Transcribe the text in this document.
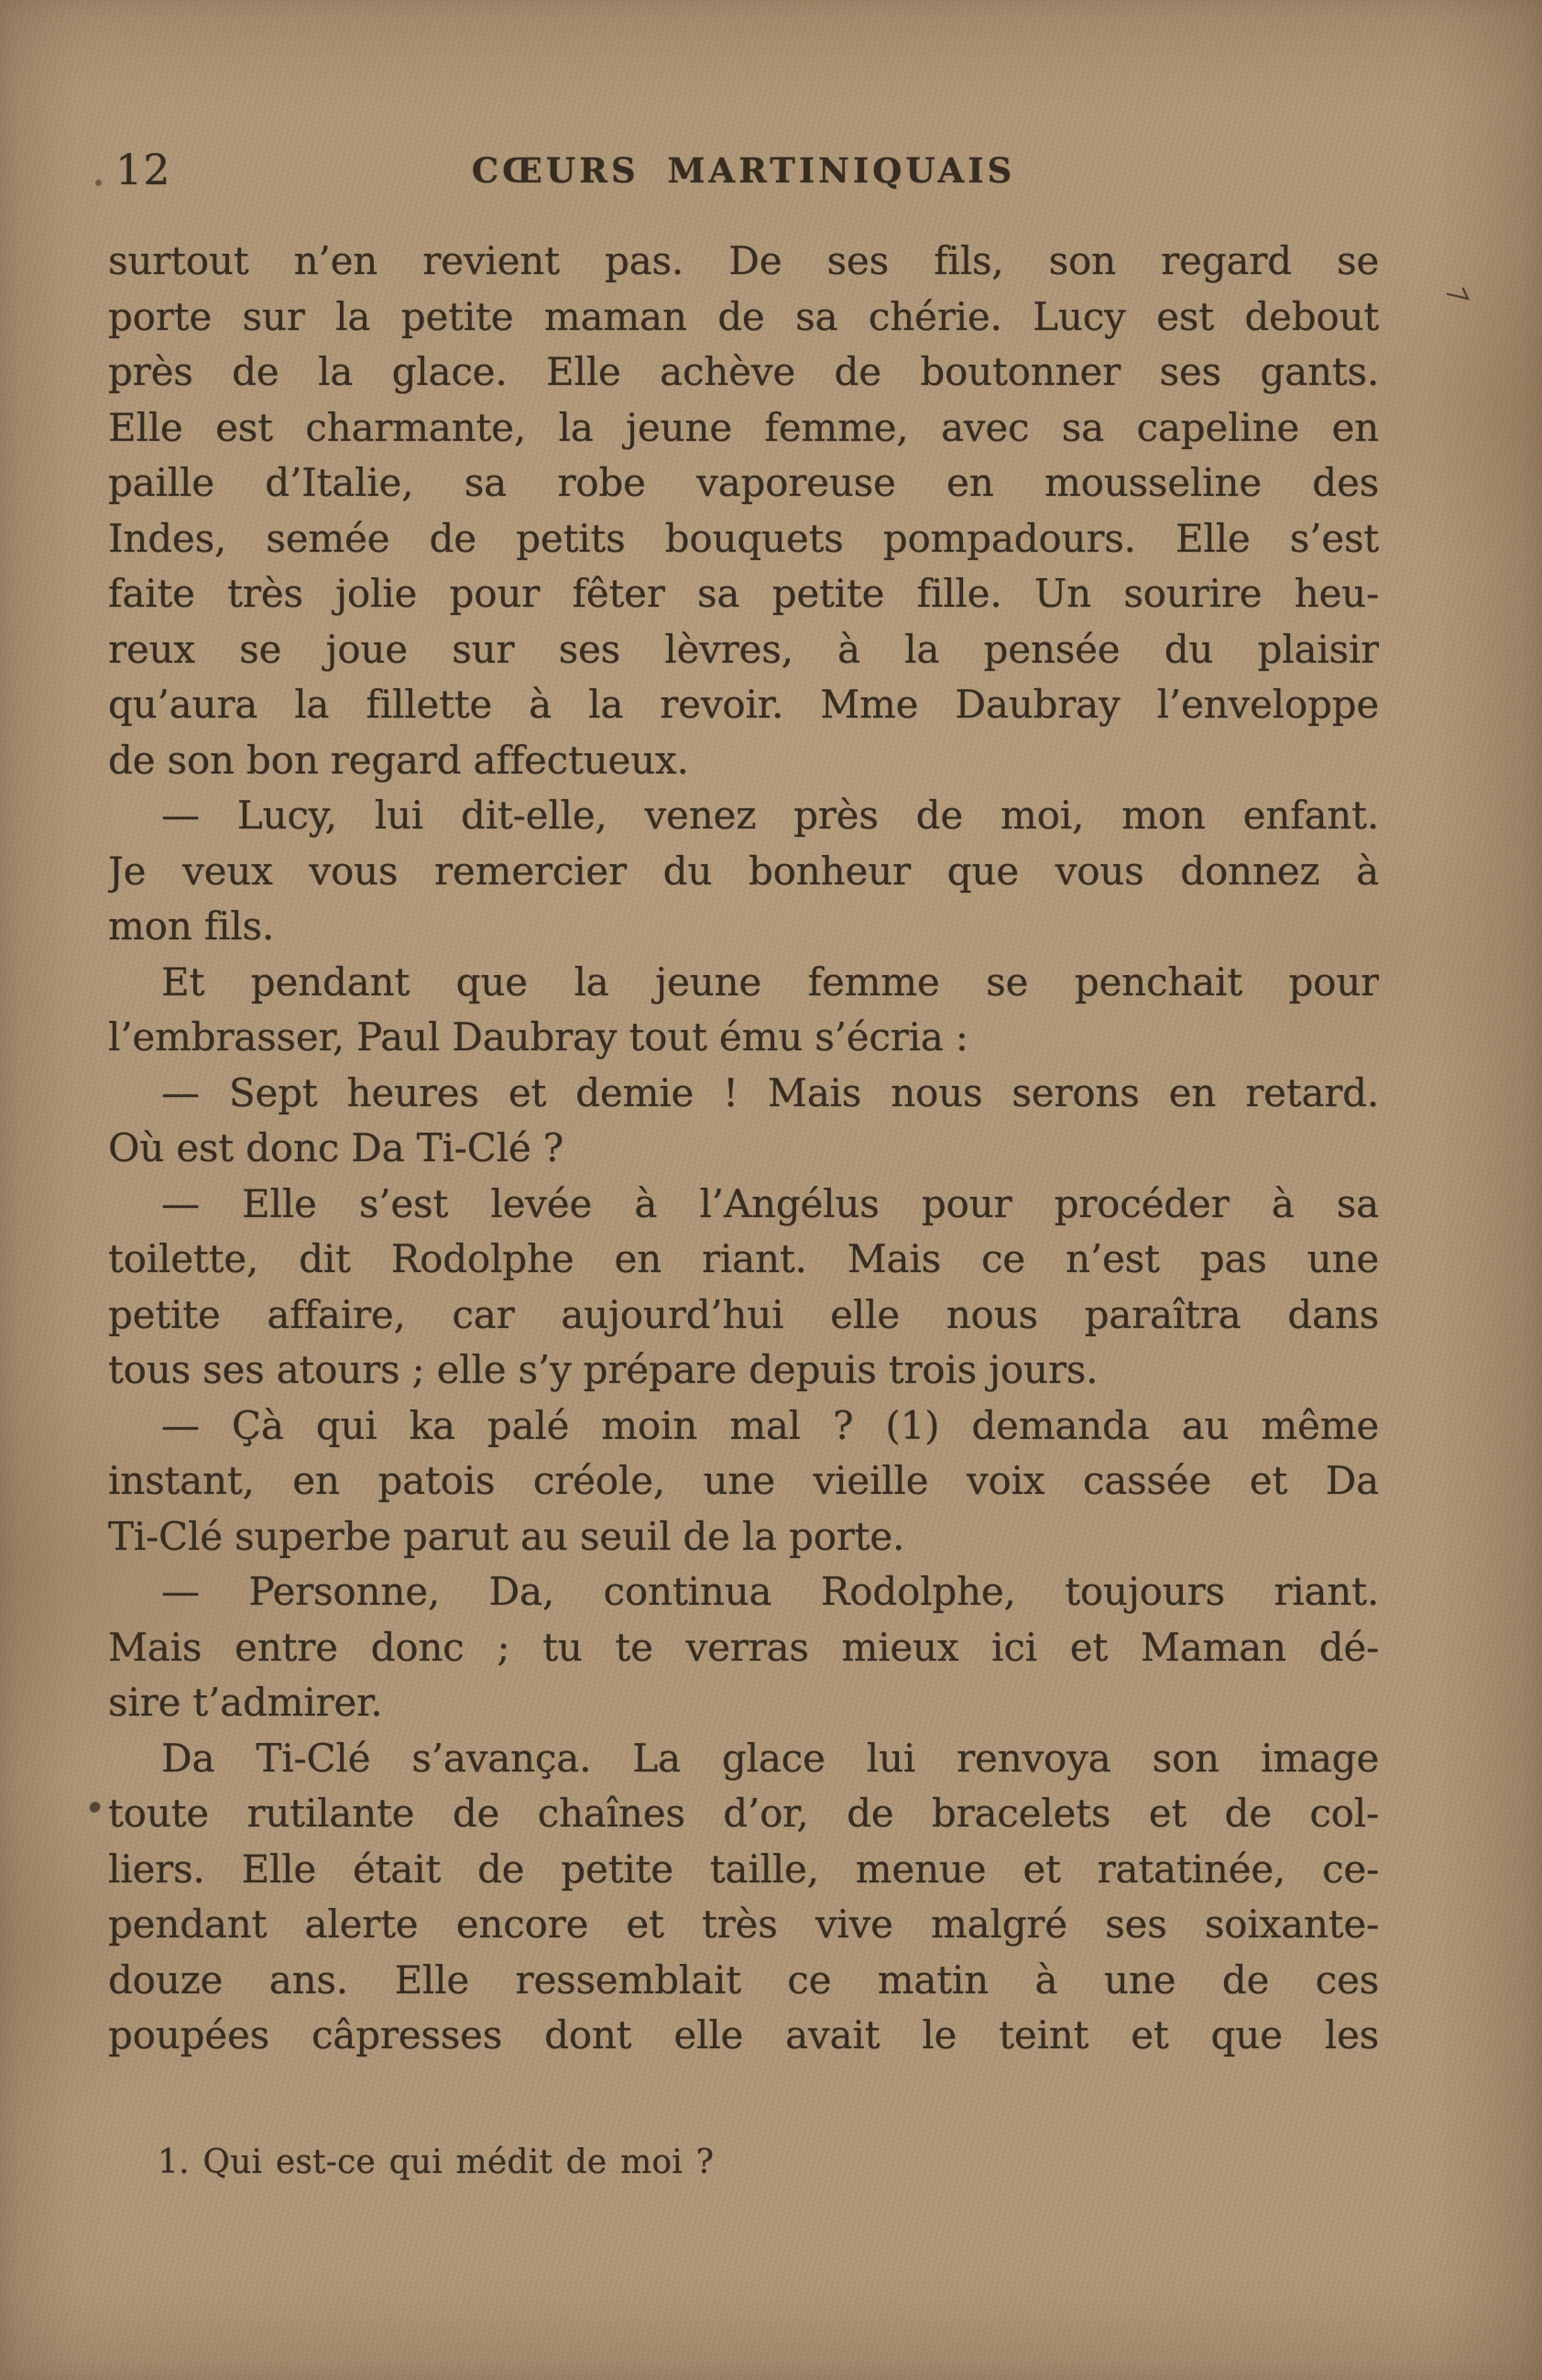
12	CŒURS MARTINIQUAIS
surtout n’en revient pas. De ses fils, son regard se
porte sur la petite maman de sa chérie. Lucy est debout
près de la glace. Elle achève de boutonner ses gants.
Elle est charmante, la jeune femme, avec sa capeline en
paille d’Italie, sa robe vaporeuse en mousseline des
Indes, semée de petits bouquets pompadours. Elle s’est
faite très jolie pour fêter sa petite fille. Un sourire heu-
reux se joue sur ses lèvres, à la pensée du plaisir
qu’aura la fillette à la revoir. Mme Daubray l’enveloppe
de son bon regard affectueux.
— Lucy, lui dit-elle, venez près de moi, mon enfant.
Je veux vous remercier du bonheur que vous donnez à
mon fils.
Et pendant que la jeune femme se penchait pour
l’embrasser, Paul Daubray tout ému s’écria :
— Sept heures et demie ! Mais nous serons en retard.
Où est donc Da Ti-Clé ?
— Elle s’est levée à l’Angélus pour procéder à sa
toilette, dit Rodolphe en riant. Mais ce n’est pas une
petite affaire, car aujourd’hui elle nous paraîtra dans
tous ses atours ; elle s’y prépare depuis trois jours.
— Çà qui ka palé moin mal ? (1) demanda au même
instant, en patois créole, une vieille voix cassée et Da
Ti-Clé superbe parut au seuil de la porte.
— Personne, Da, continua Rodolphe, toujours riant.
Mais entre donc ; tu te verras mieux ici et Maman dé-
sire t’admirer.
Da Ti-Clé s’avança. La glace lui renvoya son image
toute rutilante de chaînes d’or, de bracelets et de col-
liers. Elle était de petite taille, menue et ratatinée, ce-
pendant alerte encore et très vive malgré ses soixante-
douze ans. Elle ressemblait ce matin à une de ces
poupées câpresses dont elle avait le teint et que les
1. Qui est-ce qui médit de moi ?
